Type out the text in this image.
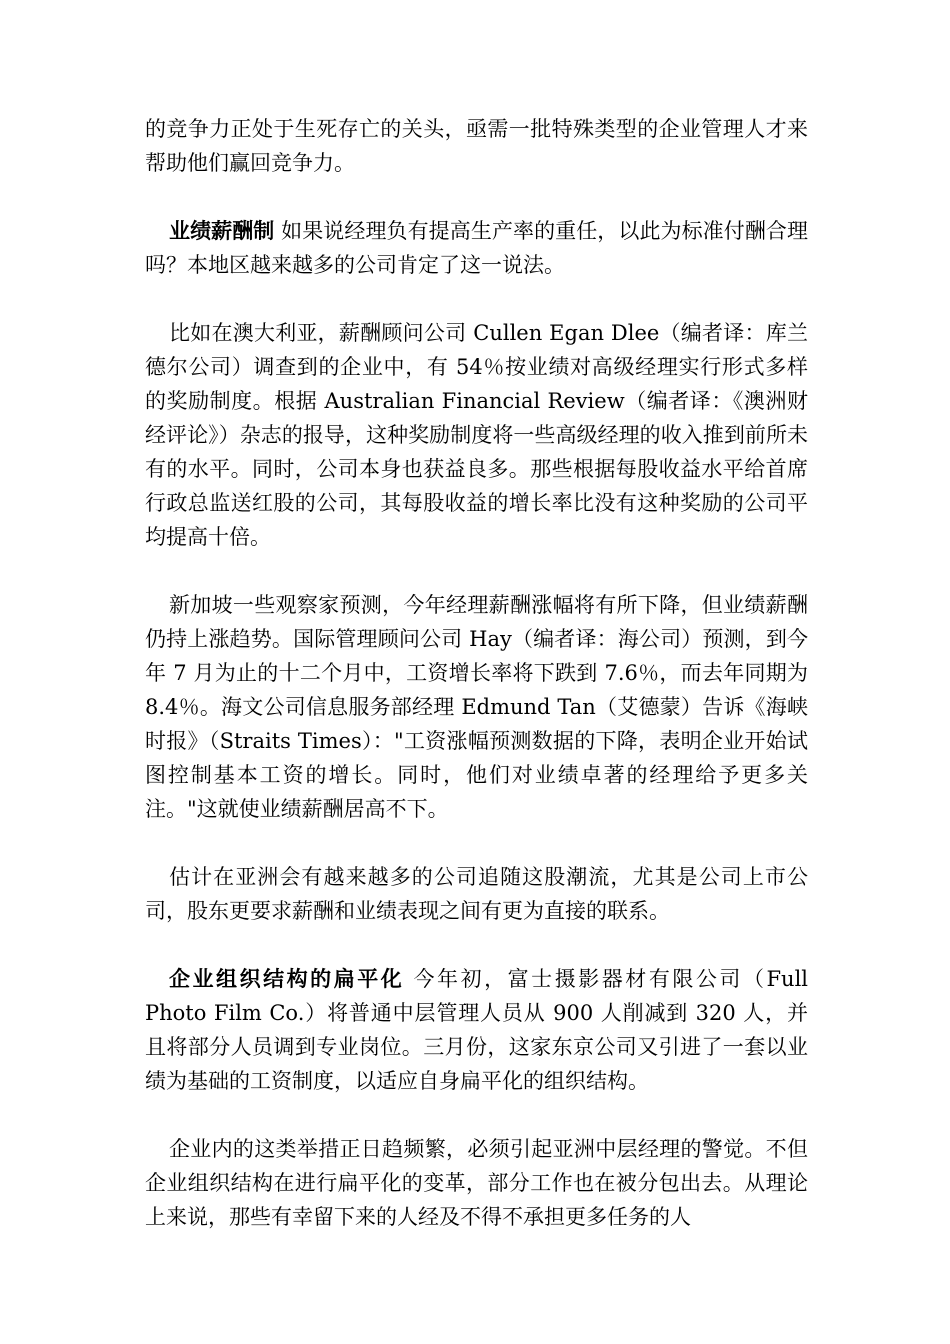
的竞争力正处于生死存亡的关头，亟需一批特殊类型的企业管理人才来帮助他们赢回竞争力。

业绩薪酬制 如果说经理负有提高生产率的重任，以此为标准付酬合理吗？本地区越来越多的公司肯定了这一说法。

比如在澳大利亚，薪酬顾问公司 Cullen Egan Dlee（编者译：库兰德尔公司）调查到的企业中，有 54％按业绩对高级经理实行形式多样的奖励制度。根据 Australian Financial Review（编者译：《澳洲财经评论》）杂志的报导，这种奖励制度将一些高级经理的收入推到前所未有的水平。同时，公司本身也获益良多。那些根据每股收益水平给首席行政总监送红股的公司，其每股收益的增长率比没有这种奖励的公司平均提高十倍。

新加坡一些观察家预测，今年经理薪酬涨幅将有所下降，但业绩薪酬仍持上涨趋势。国际管理顾问公司 Hay（编者译：海公司）预测，到今年 7 月为止的十二个月中，工资增长率将下跌到 7.6％，而去年同期为 8.4％。海文公司信息服务部经理 Edmund Tan（艾德蒙）告诉《海峡时报》（Straits Times）："工资涨幅预测数据的下降，表明企业开始试图控制基本工资的增长。同时，他们对业绩卓著的经理给予更多关注。"这就使业绩薪酬居高不下。

估计在亚洲会有越来越多的公司追随这股潮流，尤其是公司上市公司，股东更要求薪酬和业绩表现之间有更为直接的联系。

企业组织结构的扁平化 今年初，富士摄影器材有限公司（Full Photo Film Co.）将普通中层管理人员从 900 人削减到 320 人，并且将部分人员调到专业岗位。三月份，这家东京公司又引进了一套以业绩为基础的工资制度，以适应自身扁平化的组织结构。

企业内的这类举措正日趋频繁，必须引起亚洲中层经理的警觉。不但企业组织结构在进行扁平化的变革，部分工作也在被分包出去。从理论上来说，那些有幸留下来的人经及不得不承担更多任务的人
